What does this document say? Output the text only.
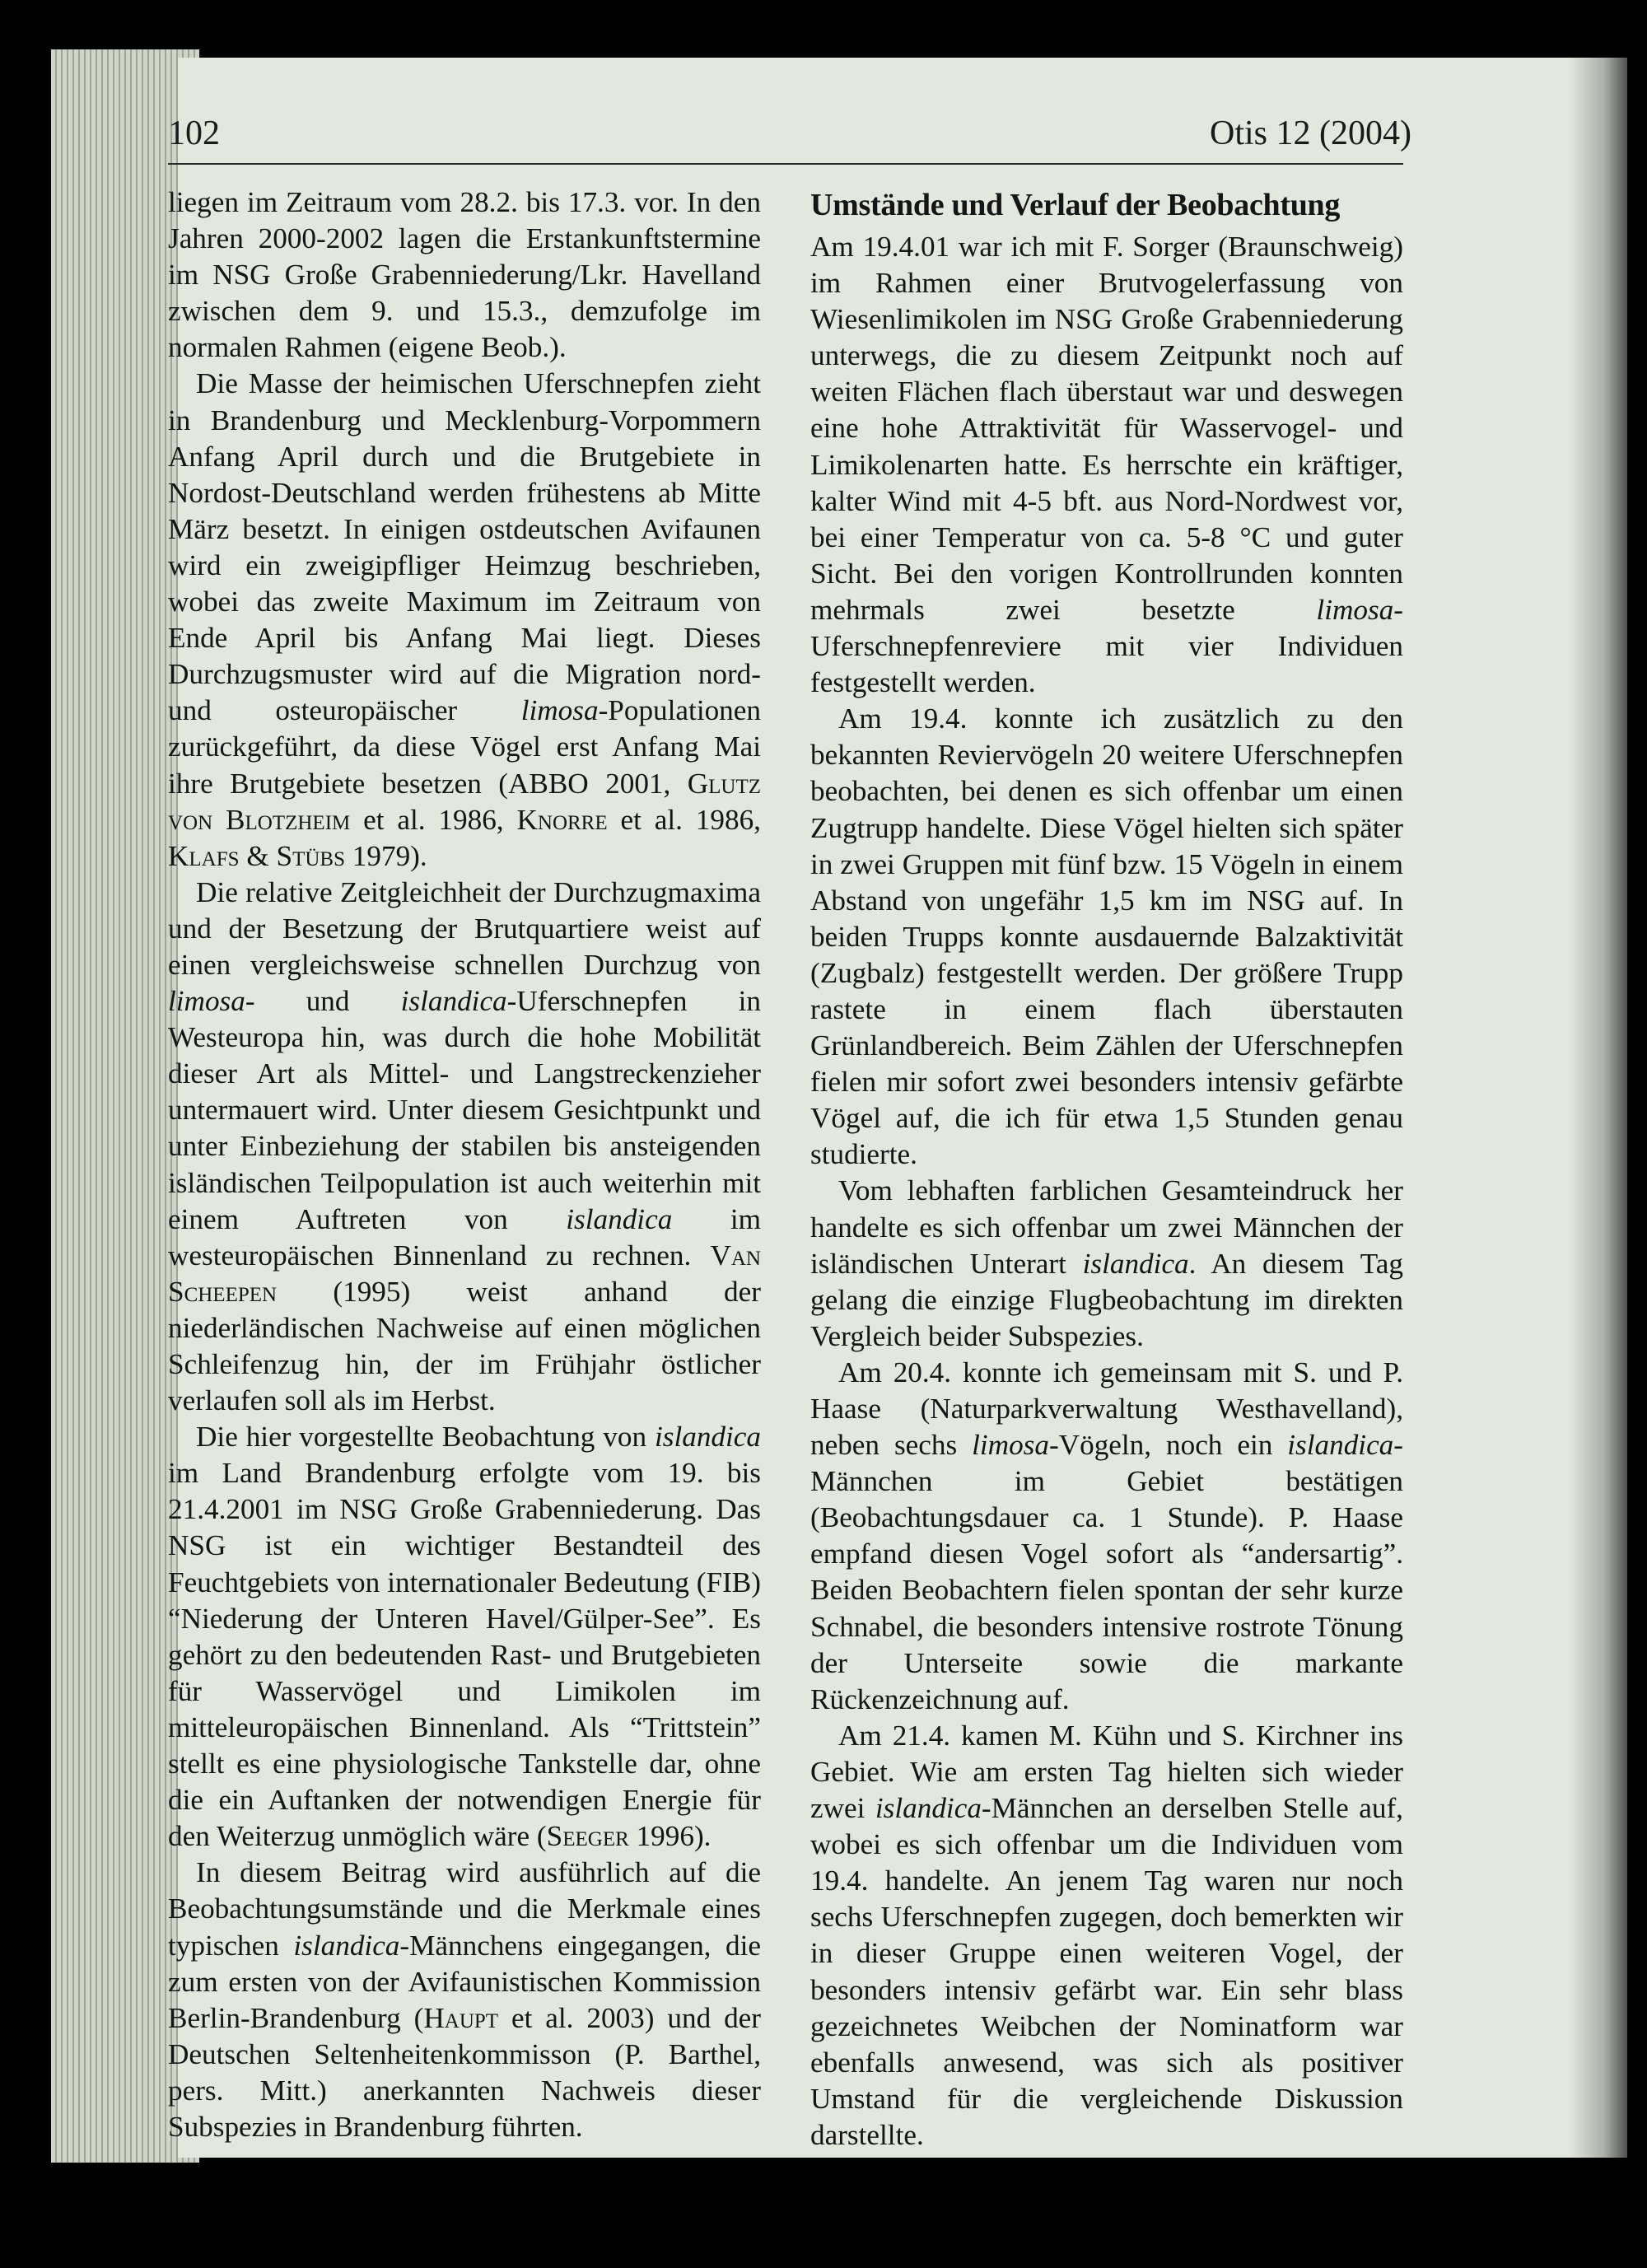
102	Otis 12 (2004)

liegen im Zeitraum vom 28.2. bis 17.3. vor. In den Jahren 2000-2002 lagen die Erstankunftstermine im NSG Große Grabenniederung/Lkr. Havelland zwischen dem 9. und 15.3., demzufolge im normalen Rahmen (eigene Beob.).

Die Masse der heimischen Uferschnepfen zieht in Brandenburg und Mecklenburg-Vorpommern Anfang April durch und die Brutgebiete in Nordost-Deutschland werden frühestens ab Mitte März besetzt. In einigen ostdeutschen Avifaunen wird ein zweigipfliger Heimzug beschrieben, wobei das zweite Maximum im Zeitraum von Ende April bis Anfang Mai liegt. Dieses Durchzugsmuster wird auf die Migration nord- und osteuropäischer limosa-Populationen zurückgeführt, da diese Vögel erst Anfang Mai ihre Brutgebiete besetzen (ABBO 2001, Glutz von Blotzheim et al. 1986, Knorre et al. 1986, Klafs & Stübs 1979).

Die relative Zeitgleichheit der Durchzugmaxima und der Besetzung der Brutquartiere weist auf einen vergleichsweise schnellen Durchzug von limosa- und islandica-Uferschnepfen in Westeuropa hin, was durch die hohe Mobilität dieser Art als Mittel- und Langstreckenzieher untermauert wird. Unter diesem Gesichtpunkt und unter Einbeziehung der stabilen bis ansteigenden isländischen Teilpopulation ist auch weiterhin mit einem Auftreten von islandica im westeuropäischen Binnenland zu rechnen. Van Scheepen (1995) weist anhand der niederländischen Nachweise auf einen möglichen Schleifenzug hin, der im Frühjahr östlicher verlaufen soll als im Herbst.

Die hier vorgestellte Beobachtung von islandica im Land Brandenburg erfolgte vom 19. bis 21.4.2001 im NSG Große Grabenniederung. Das NSG ist ein wichtiger Bestandteil des Feuchtgebiets von internationaler Bedeutung (FIB) “Niederung der Unteren Havel/Gülper-See”. Es gehört zu den bedeutenden Rast- und Brutgebieten für Wasservögel und Limikolen im mitteleuropäischen Binnenland. Als “Trittstein” stellt es eine physiologische Tankstelle dar, ohne die ein Auftanken der notwendigen Energie für den Weiterzug unmöglich wäre (Seeger 1996).

In diesem Beitrag wird ausführlich auf die Beobachtungsumstände und die Merkmale eines typischen islandica-Männchens eingegangen, die zum ersten von der Avifaunistischen Kommission Berlin-Brandenburg (Haupt et al. 2003) und der Deutschen Seltenheitenkommisson (P. Barthel, pers. Mitt.) anerkannten Nachweis dieser Subspezies in Brandenburg führten.

Umstände und Verlauf der Beobachtung

Am 19.4.01 war ich mit F. Sorger (Braunschweig) im Rahmen einer Brutvogelerfassung von Wiesenlimikolen im NSG Große Grabenniederung unterwegs, die zu diesem Zeitpunkt noch auf weiten Flächen flach überstaut war und deswegen eine hohe Attraktivität für Wasservogel- und Limikolenarten hatte. Es herrschte ein kräftiger, kalter Wind mit 4-5 bft. aus Nord-Nordwest vor, bei einer Temperatur von ca. 5-8 °C und guter Sicht. Bei den vorigen Kontrollrunden konnten mehrmals zwei besetzte limosa-Uferschnepfenreviere mit vier Individuen festgestellt werden.

Am 19.4. konnte ich zusätzlich zu den bekannten Reviervögeln 20 weitere Uferschnepfen beobachten, bei denen es sich offenbar um einen Zugtrupp handelte. Diese Vögel hielten sich später in zwei Gruppen mit fünf bzw. 15 Vögeln in einem Abstand von ungefähr 1,5 km im NSG auf. In beiden Trupps konnte ausdauernde Balzaktivität (Zugbalz) festgestellt werden. Der größere Trupp rastete in einem flach überstauten Grünlandbereich. Beim Zählen der Uferschnepfen fielen mir sofort zwei besonders intensiv gefärbte Vögel auf, die ich für etwa 1,5 Stunden genau studierte.

Vom lebhaften farblichen Gesamteindruck her handelte es sich offenbar um zwei Männchen der isländischen Unterart islandica. An diesem Tag gelang die einzige Flugbeobachtung im direkten Vergleich beider Subspezies.

Am 20.4. konnte ich gemeinsam mit S. und P. Haase (Naturparkverwaltung Westhavelland), neben sechs limosa-Vögeln, noch ein islandica-Männchen im Gebiet bestätigen (Beobachtungsdauer ca. 1 Stunde). P. Haase empfand diesen Vogel sofort als “andersartig”. Beiden Beobachtern fielen spontan der sehr kurze Schnabel, die besonders intensive rostrote Tönung der Unterseite sowie die markante Rückenzeichnung auf.

Am 21.4. kamen M. Kühn und S. Kirchner ins Gebiet. Wie am ersten Tag hielten sich wieder zwei islandica-Männchen an derselben Stelle auf, wobei es sich offenbar um die Individuen vom 19.4. handelte. An jenem Tag waren nur noch sechs Uferschnepfen zugegen, doch bemerkten wir in dieser Gruppe einen weiteren Vogel, der besonders intensiv gefärbt war. Ein sehr blass gezeichnetes Weibchen der Nominatform war ebenfalls anwesend, was sich als positiver Umstand für die vergleichende Diskussion darstellte.
